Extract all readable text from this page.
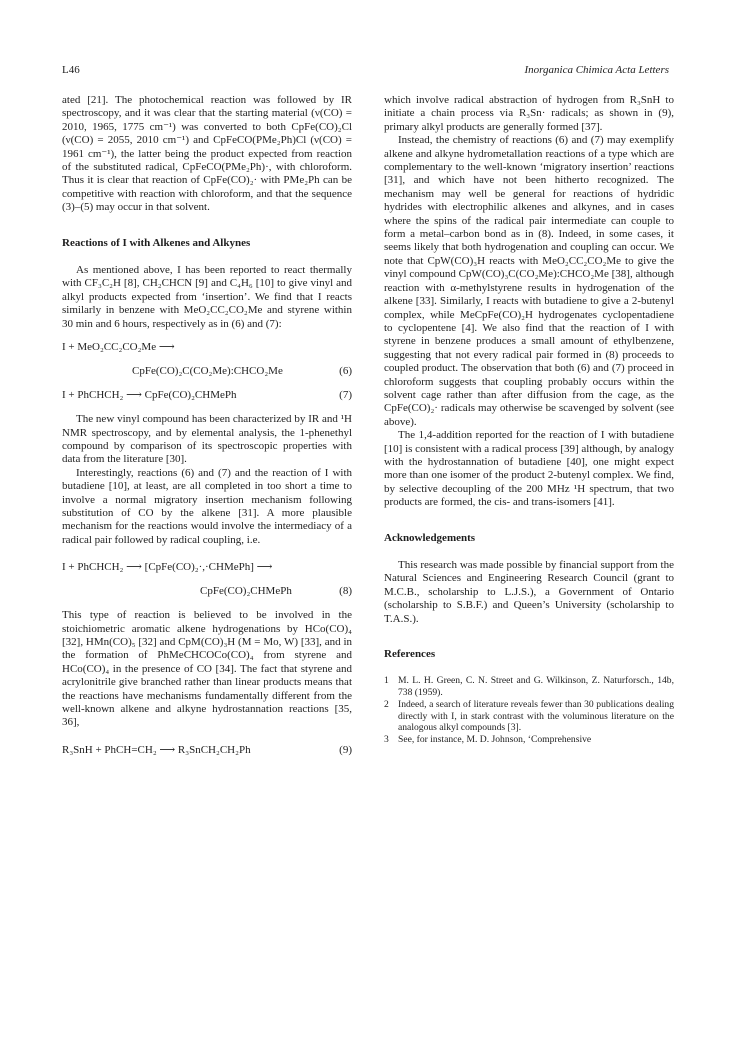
L46	Inorganica Chimica Acta Letters

ated [21]. The photochemical reaction was followed by IR spectroscopy, and it was clear that the starting material (ν(CO) = 2010, 1965, 1775 cm⁻¹) was converted to both CpFe(CO)₂Cl (ν(CO) = 2055, 2010 cm⁻¹) and CpFeCO(PMe₂Ph)Cl (ν(CO) = 1961 cm⁻¹), the latter being the product expected from reaction of the substituted radical, CpFeCO(PMe₂Ph)·, with chloroform. Thus it is clear that reaction of CpFe(CO)₂· with PMe₂Ph can be competitive with reaction with chloroform, and that the sequence (3)–(5) may occur in that solvent.

Reactions of I with Alkenes and Alkynes

As mentioned above, I has been reported to react thermally with CF₃C₂H [8], CH₂CHCN [9] and C₄H₆ [10] to give vinyl and alkyl products expected from ‘insertion’. We find that I reacts similarly in benzene with MeO₂CC₂CO₂Me and styrene within 30 min and 6 hours, respectively as in (6) and (7):

I + MeO₂CC₂CO₂Me ⟶
CpFe(CO)₂C(CO₂Me):CHCO₂Me	(6)
I + PhCHCH₂ ⟶ CpFe(CO)₂CHMePh	(7)

The new vinyl compound has been characterized by IR and ¹H NMR spectroscopy, and by elemental analysis, the 1-phenethyl compound by comparison of its spectroscopic properties with data from the literature [30].

Interestingly, reactions (6) and (7) and the reaction of I with butadiene [10], at least, are all completed in too short a time to involve a normal migratory insertion mechanism following substitution of CO by the alkene [31]. A more plausible mechanism for the reactions would involve the intermediacy of a radical pair followed by radical coupling, i.e.

I + PhCHCH₂ ⟶ [CpFe(CO)₂·,·CHMePh] ⟶
CpFe(CO)₂CHMePh	(8)

This type of reaction is believed to be involved in the stoichiometric aromatic alkene hydrogenations by HCo(CO)₄ [32], HMn(CO)₅ [32] and CpM(CO)₃H (M = Mo, W) [33], and in the formation of PhMeCHCOCo(CO)₄ from styrene and HCo(CO)₄ in the presence of CO [34]. The fact that styrene and acrylonitrile give branched rather than linear products means that the reactions have mechanisms fundamentally different from the well-known alkene and alkyne hydrostannation reactions [35, 36],

R₃SnH + PhCH=CH₂ ⟶ R₃SnCH₂CH₂Ph	(9)

which involve radical abstraction of hydrogen from R₃SnH to initiate a chain process via R₃Sn· radicals; as shown in (9), primary alkyl products are generally formed [37].

Instead, the chemistry of reactions (6) and (7) may exemplify alkene and alkyne hydrometallation reactions of a type which are complementary to the well-known ‘migratory insertion’ reactions [31], and which have not been hitherto recognized. The mechanism may well be general for reactions of hydridic hydrides with electrophilic alkenes and alkynes, and in cases where the spins of the radical pair intermediate can couple to form a metal–carbon bond as in (8). Indeed, in some cases, it seems likely that both hydrogenation and coupling can occur. We note that CpW(CO)₃H reacts with MeO₂CC₂CO₂Me to give the vinyl compound CpW(CO)₃C(CO₂Me):CHCO₂Me [38], although reaction with α-methylstyrene results in hydrogenation of the alkene [33]. Similarly, I reacts with butadiene to give a 2-butenyl complex, while MeCpFe(CO)₂H hydrogenates cyclopentadiene to cyclopentene [4]. We also find that the reaction of I with styrene in benzene produces a small amount of ethylbenzene, suggesting that not every radical pair formed in (8) proceeds to coupled product. The observation that both (6) and (7) proceed in chloroform suggests that coupling probably occurs within the solvent cage rather than after diffusion from the cage, as the CpFe(CO)₂· radicals may otherwise be scavenged by solvent (see above).

The 1,4-addition reported for the reaction of I with butadiene [10] is consistent with a radical process [39] although, by analogy with the hydrostannation of butadiene [40], one might expect more than one isomer of the product 2-butenyl complex. We find, by selective decoupling of the 200 MHz ¹H spectrum, that two products are formed, the cis- and trans-isomers [41].

Acknowledgements

This research was made possible by financial support from the Natural Sciences and Engineering Research Council (grant to M.C.B., scholarship to L.J.S.), a Government of Ontario (scholarship to S.B.F.) and Queen’s University (scholarship to T.A.S.).

References
1 M. L. H. Green, C. N. Street and G. Wilkinson, Z. Naturforsch., 14b, 738 (1959).
2 Indeed, a search of literature reveals fewer than 30 publications dealing directly with I, in stark contrast with the voluminous literature on the analogous alkyl compounds [3].
3 See, for instance, M. D. Johnson, ‘Comprehensive
